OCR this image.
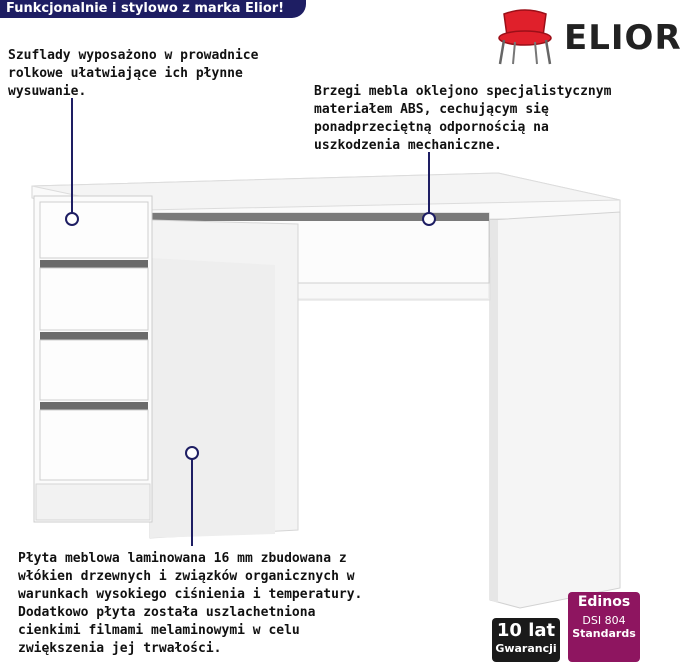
Funkcjonalnie i stylowo z marka Elior!
ELIOR
Szuflady wyposażono w prowadnice
rolkowe ułatwiające ich płynne
wysuwanie.	Brzegi mebla oklejono specjalistycznym
materiałem ABS, cechującym się
ponadprzeciętną odpornością na
uszkodzenia mechaniczne.
Płyta meblowa laminowana 16 mm zbudowana z
włókien drzewnych i związków organicznych w
warunkach wysokiego ciśnienia i temperatury.
Dodatkowo płyta została uszlachetniona
cienkimi filmami melaminowymi w celu
zwiększenia jej trwałości.
10 lat
Gwarancji
Edinos
DSI 804
Standards
